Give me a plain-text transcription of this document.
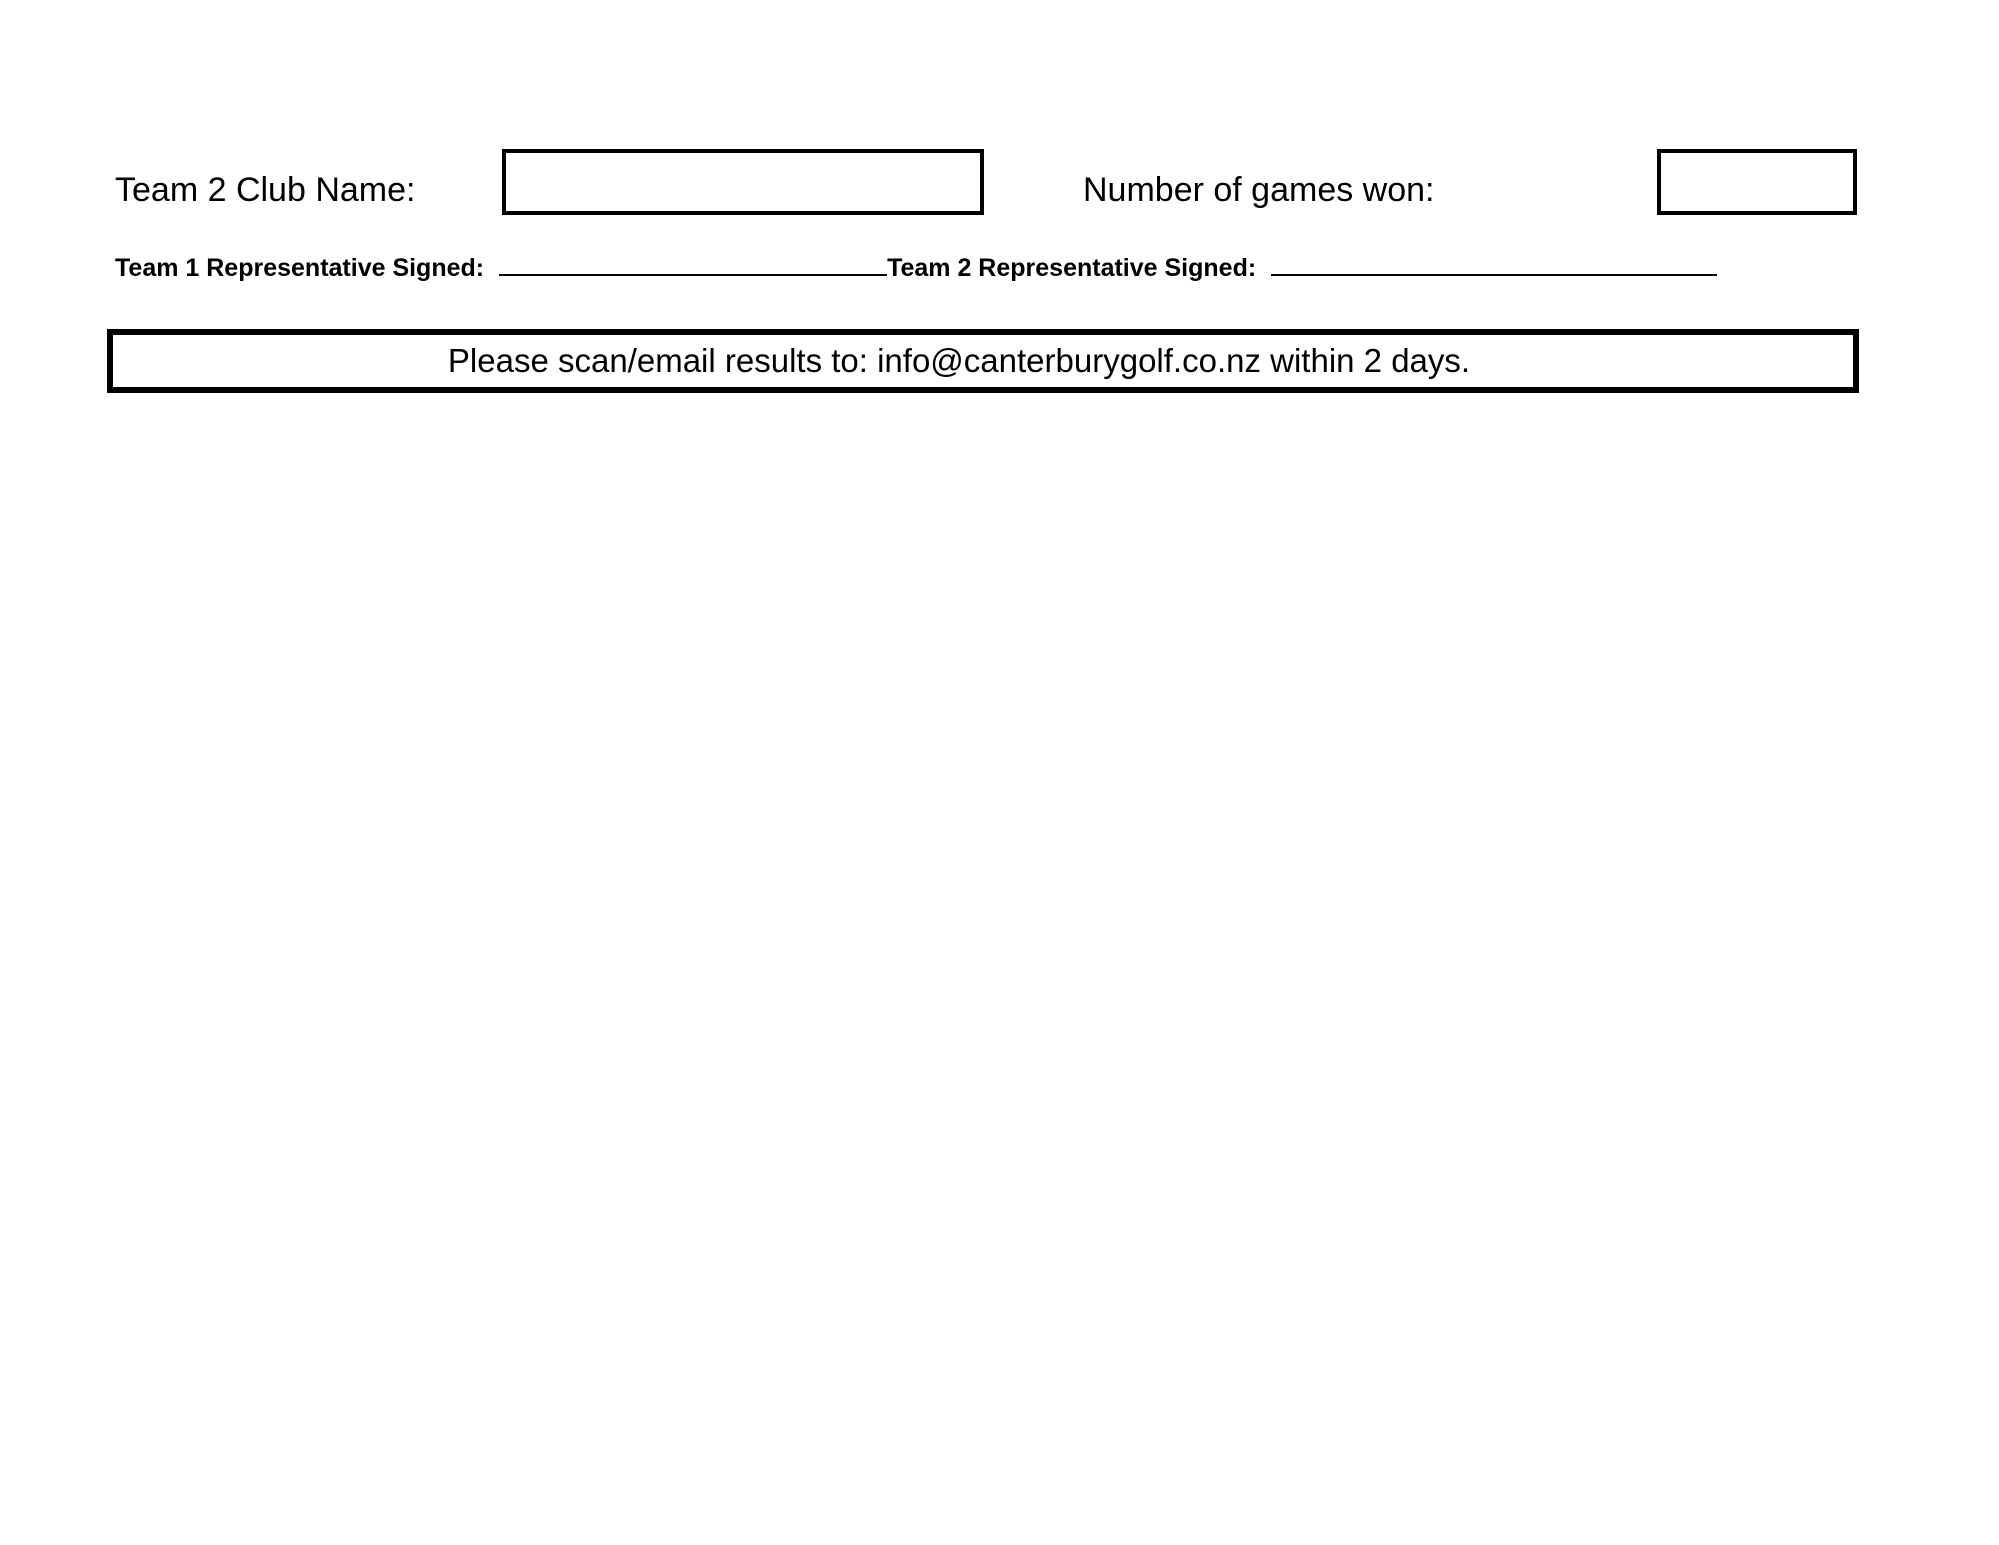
Team 2 Club Name:	Number of games won:
Team 1 Representative Signed:	Team 2 Representative Signed:
Please scan/email results to: info@canterburygolf.co.nz within 2 days.
